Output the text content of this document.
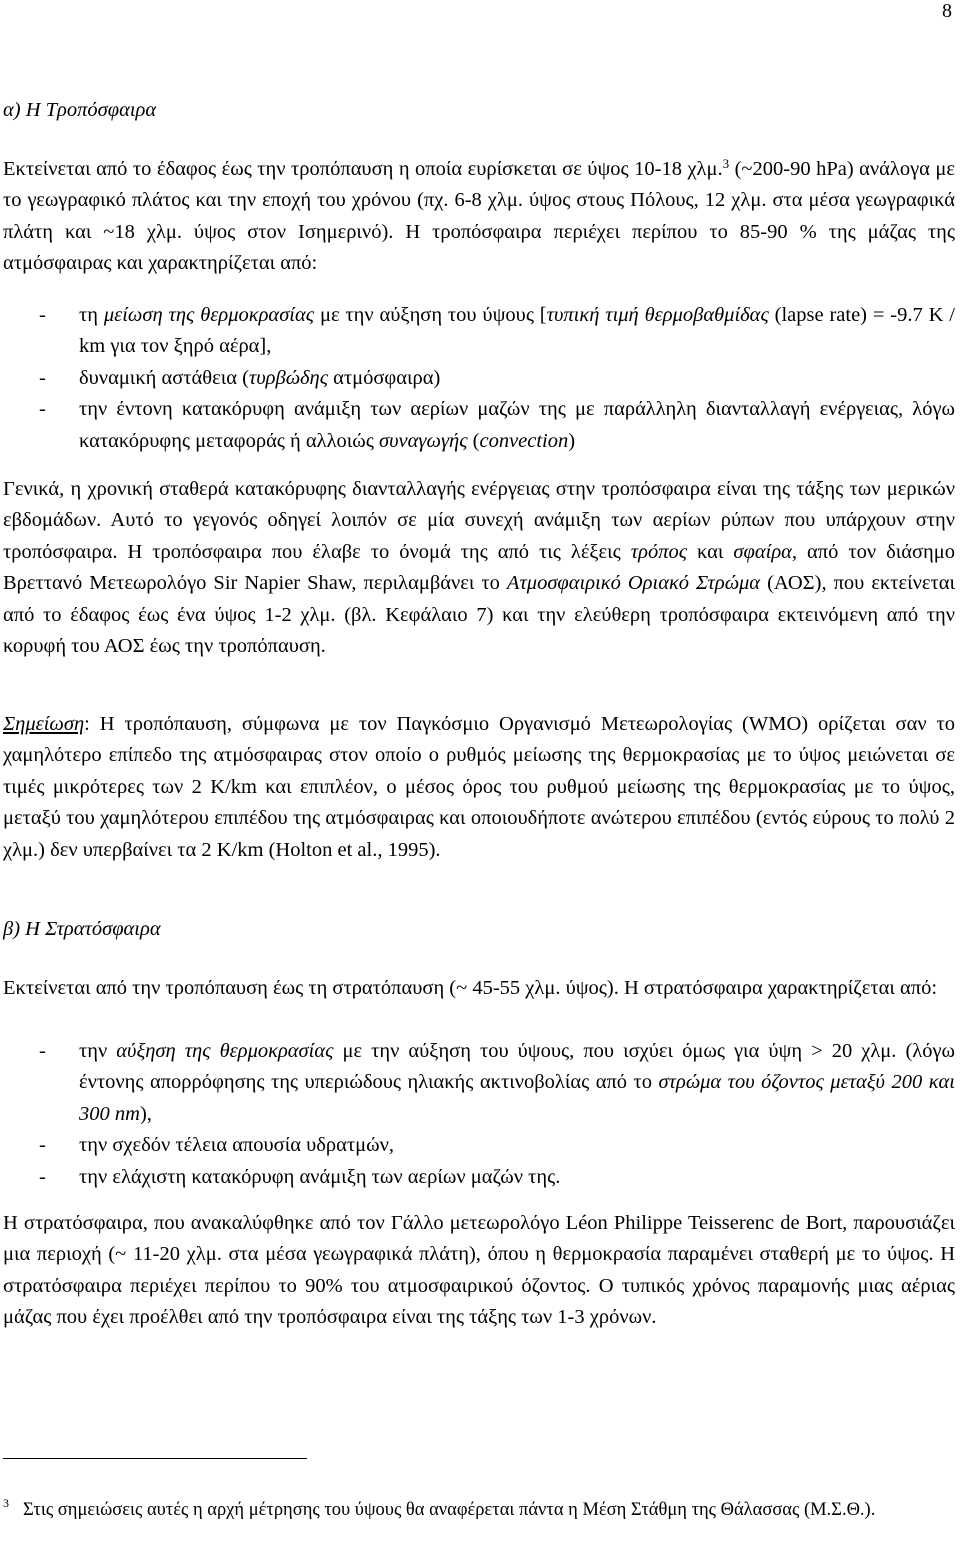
8
α) Η Τροπόσφαιρα
Εκτείνεται από το έδαφος έως την τροπόπαυση η οποία ευρίσκεται σε ύψος 10-18 χλμ.$^3$ (~200-90 hPa) ανάλογα με το γεωγραφικό πλάτος και την εποχή του χρόνου (πχ. 6-8 χλμ. ύψος στους Πόλους, 12 χλμ. στα μέσα γεωγραφικά πλάτη και ~18 χλμ. ύψος στον Ισημερινό). Η τροπόσφαιρα περιέχει περίπου το 85-90 % της μάζας της ατμόσφαιρας και χαρακτηρίζεται από:
-	τη μείωση της θερμοκρασίας με την αύξηση του ύψους [τυπική τιμή θερμοβαθμίδας (lapse rate) = -9.7 K / km για τον ξηρό αέρα],
-	δυναμική αστάθεια (τυρβώδης ατμόσφαιρα)
-	την έντονη κατακόρυφη ανάμιξη των αερίων μαζών της με παράλληλη διανταλλαγή ενέργειας, λόγω κατακόρυφης μεταφοράς ή αλλοιώς συναγωγής (convection)
Γενικά, η χρονική σταθερά κατακόρυφης διανταλλαγής ενέργειας στην τροπόσφαιρα είναι της τάξης των μερικών εβδομάδων. Αυτό το γεγονός οδηγεί λοιπόν σε μία συνεχή ανάμιξη των αερίων ρύπων που υπάρχουν στην τροπόσφαιρα. Η τροπόσφαιρα που έλαβε το όνομά της από τις λέξεις τρόπος και σφαίρα, από τον διάσημο Βρεττανό Μετεωρολόγο Sir Napier Shaw, περιλαμβάνει το Ατμοσφαιρικό Οριακό Στρώμα (ΑΟΣ), που εκτείνεται από το έδαφος έως ένα ύψος 1-2 χλμ. (βλ. Κεφάλαιο 7) και την ελεύθερη τροπόσφαιρα εκτεινόμενη από την κορυφή του ΑΟΣ έως την τροπόπαυση.
Σημείωση: Η τροπόπαυση, σύμφωνα με τον Παγκόσμιο Οργανισμό Μετεωρολογίας (WMO) ορίζεται σαν το χαμηλότερο επίπεδο της ατμόσφαιρας στον οποίο ο ρυθμός μείωσης της θερμοκρασίας με το ύψος μειώνεται σε τιμές μικρότερες των 2 K/km και επιπλέον, ο μέσος όρος του ρυθμού μείωσης της θερμοκρασίας με το ύψος, μεταξύ του χαμηλότερου επιπέδου της ατμόσφαιρας και οποιουδήποτε ανώτερου επιπέδου (εντός εύρους το πολύ 2 χλμ.) δεν υπερβαίνει τα 2 K/km (Holton et al., 1995).
β) Η Στρατόσφαιρα
Εκτείνεται από την τροπόπαυση έως τη στρατόπαυση (~ 45-55 χλμ. ύψος). Η στρατόσφαιρα χαρακτηρίζεται από:
-	την αύξηση της θερμοκρασίας με την αύξηση του ύψους, που ισχύει όμως για ύψη > 20 χλμ. (λόγω έντονης απορρόφησης της υπεριώδους ηλιακής ακτινοβολίας από το στρώμα του όζοντος μεταξύ 200 και 300 nm),
-	την σχεδόν τέλεια απουσία υδρατμών,
-	την ελάχιστη κατακόρυφη ανάμιξη των αερίων μαζών της.
Η στρατόσφαιρα, που ανακαλύφθηκε από τον Γάλλο μετεωρολόγο Léon Philippe Teisserenc de Bort, παρουσιάζει μια περιοχή (~ 11-20 χλμ. στα μέσα γεωγραφικά πλάτη), όπου η θερμοκρασία παραμένει σταθερή με το ύψος. Η στρατόσφαιρα περιέχει περίπου το 90% του ατμοσφαιρικού όζοντος. Ο τυπικός χρόνος παραμονής μιας αέριας μάζας που έχει προέλθει από την τροπόσφαιρα είναι της τάξης των 1-3 χρόνων.
$^3$ Στις σημειώσεις αυτές η αρχή μέτρησης του ύψους θα αναφέρεται πάντα η Μέση Στάθμη της Θάλασσας (Μ.Σ.Θ.).
